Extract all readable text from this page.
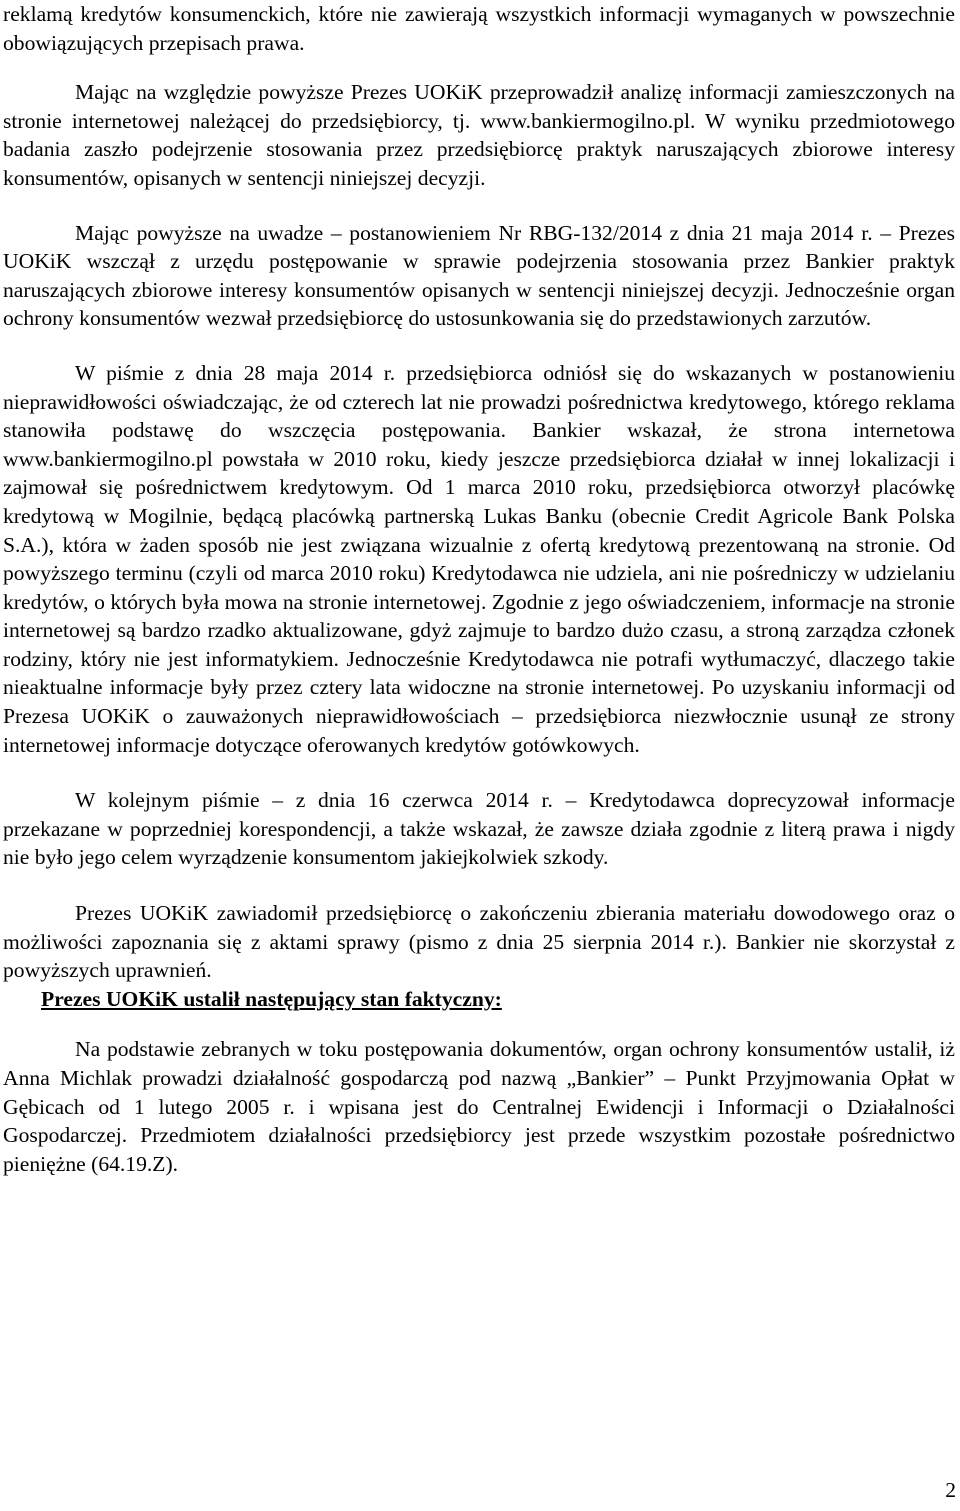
reklamą kredytów konsumenckich, które nie zawierają wszystkich informacji wymaganych w powszechnie obowiązujących przepisach prawa.

Mając na względzie powyższe Prezes UOKiK przeprowadził analizę informacji zamieszczonych na stronie internetowej należącej do przedsiębiorcy, tj. www.bankiermogilno.pl. W wyniku przedmiotowego badania zaszło podejrzenie stosowania przez przedsiębiorcę praktyk naruszających zbiorowe interesy konsumentów, opisanych w sentencji niniejszej decyzji.

Mając powyższe na uwadze – postanowieniem Nr RBG-132/2014 z dnia 21 maja 2014 r. – Prezes UOKiK wszczął z urzędu postępowanie w sprawie podejrzenia stosowania przez Bankier praktyk naruszających zbiorowe interesy konsumentów opisanych w sentencji niniejszej decyzji. Jednocześnie organ ochrony konsumentów wezwał przedsiębiorcę do ustosunkowania się do przedstawionych zarzutów.

W piśmie z dnia 28 maja 2014 r. przedsiębiorca odniósł się do wskazanych w postanowieniu nieprawidłowości oświadczając, że od czterech lat nie prowadzi pośrednictwa kredytowego, którego reklama stanowiła podstawę do wszczęcia postępowania. Bankier wskazał, że strona internetowa www.bankiermogilno.pl powstała w 2010 roku, kiedy jeszcze przedsiębiorca działał w innej lokalizacji i zajmował się pośrednictwem kredytowym. Od 1 marca 2010 roku, przedsiębiorca otworzył placówkę kredytową w Mogilnie, będącą placówką partnerską Lukas Banku (obecnie Credit Agricole Bank Polska S.A.), która w żaden sposób nie jest związana wizualnie z ofertą kredytową prezentowaną na stronie. Od powyższego terminu (czyli od marca 2010 roku) Kredytodawca nie udziela, ani nie pośredniczy w udzielaniu kredytów, o których była mowa na stronie internetowej. Zgodnie z jego oświadczeniem, informacje na stronie internetowej są bardzo rzadko aktualizowane, gdyż zajmuje to bardzo dużo czasu, a stroną zarządza członek rodziny, który nie jest informatykiem. Jednocześnie Kredytodawca nie potrafi wytłumaczyć, dlaczego takie nieaktualne informacje były przez cztery lata widoczne na stronie internetowej. Po uzyskaniu informacji od Prezesa UOKiK o zauważonych nieprawidłowościach – przedsiębiorca niezwłocznie usunął ze strony internetowej informacje dotyczące oferowanych kredytów gotówkowych.

W kolejnym piśmie – z dnia 16 czerwca 2014 r. – Kredytodawca doprecyzował informacje przekazane w poprzedniej korespondencji, a także wskazał, że zawsze działa zgodnie z literą prawa i nigdy nie było jego celem wyrządzenie konsumentom jakiejkolwiek szkody.

Prezes UOKiK zawiadomił przedsiębiorcę o zakończeniu zbierania materiału dowodowego oraz o możliwości zapoznania się z aktami sprawy (pismo z dnia 25 sierpnia 2014 r.). Bankier nie skorzystał z powyższych uprawnień.

Prezes UOKiK ustalił następujący stan faktyczny:

Na podstawie zebranych w toku postępowania dokumentów, organ ochrony konsumentów ustalił, iż Anna Michlak prowadzi działalność gospodarczą pod nazwą „Bankier” – Punkt Przyjmowania Opłat w Gębicach od 1 lutego 2005 r. i wpisana jest do Centralnej Ewidencji i Informacji o Działalności Gospodarczej. Przedmiotem działalności przedsiębiorcy jest przede wszystkim pozostałe pośrednictwo pieniężne (64.19.Z).

2
